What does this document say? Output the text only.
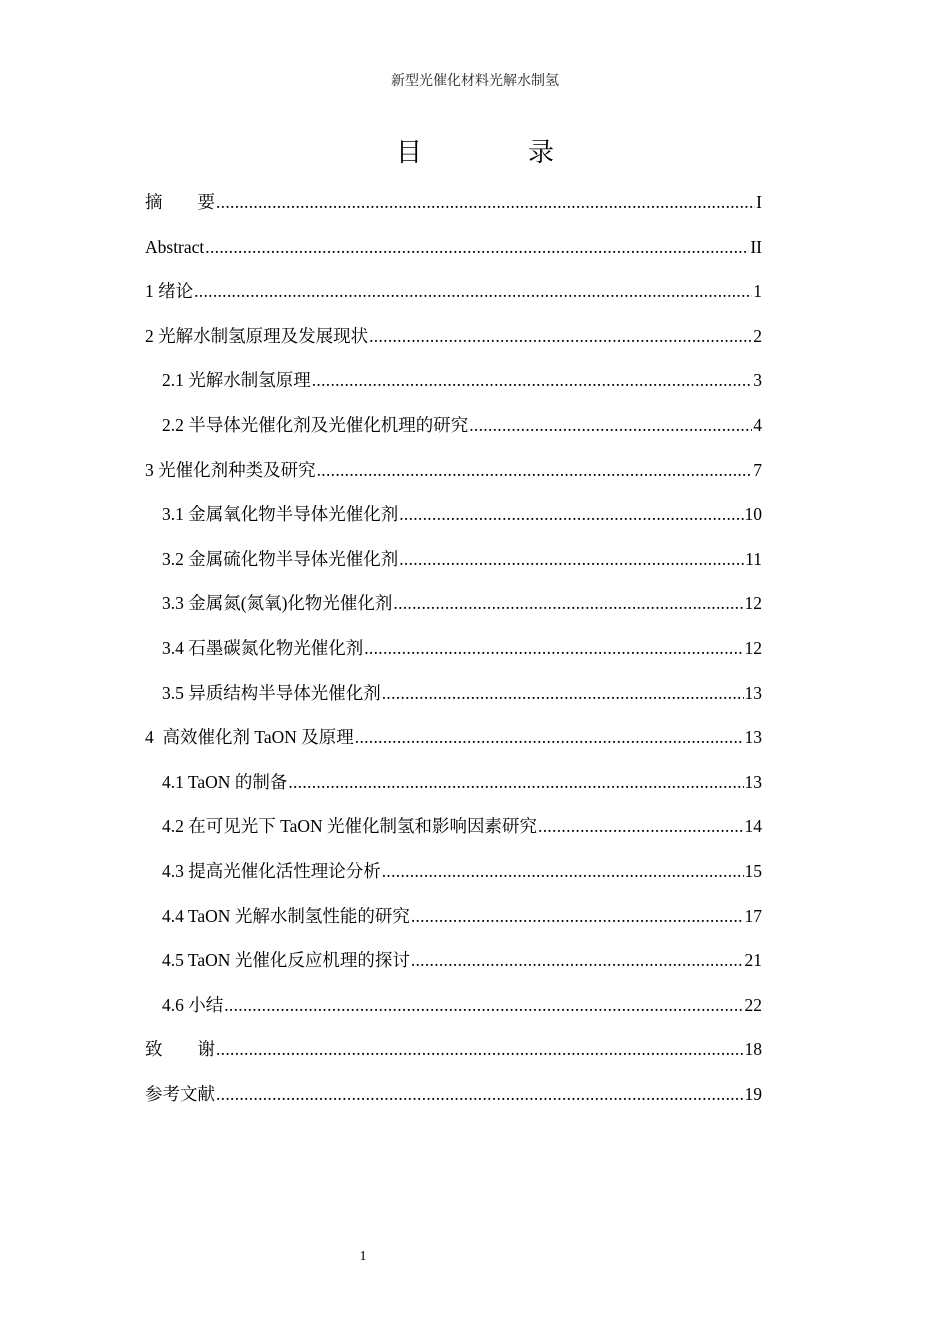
新型光催化材料光解水制氢
目　录
摘　　要 .....	I
Abstract .....	II
1 绪论 .....	1
2 光解水制氢原理及发展现状 .....	2
2.1 光解水制氢原理 .....	3
2.2 半导体光催化剂及光催化机理的研究 .....	4
3 光催化剂种类及研究 .....	7
3.1 金属氧化物半导体光催化剂 .....	10
3.2 金属硫化物半导体光催化剂 .....	11
3.3 金属氮(氮氧)化物光催化剂 .....	12
3.4 石墨碳氮化物光催化剂 .....	12
3.5 异质结构半导体光催化剂 .....	13
4  高效催化剂 TaON 及原理 .....	13
4.1 TaON 的制备 .....	13
4.2 在可见光下 TaON 光催化制氢和影响因素研究 .....	14
4.3 提高光催化活性理论分析 .....	15
4.4 TaON 光解水制氢性能的研究 .....	17
4.5 TaON 光催化反应机理的探讨 .....	21
4.6 小结 .....	22
致　　谢 .....	18
参考文献 .....	19
1
